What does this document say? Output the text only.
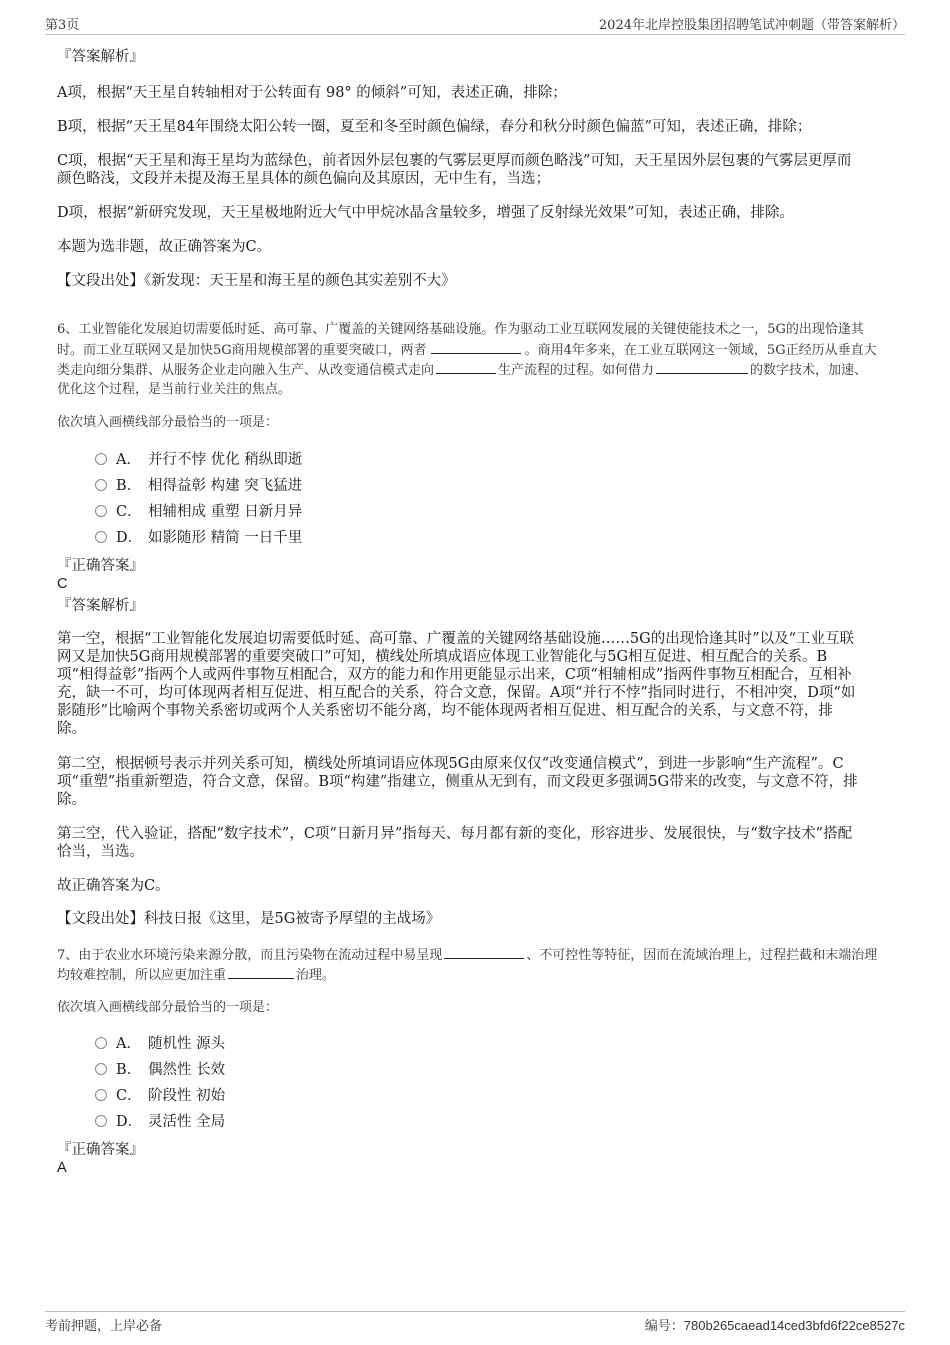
第3页	2024年北岸控股集团招聘笔试冲刺题（带答案解析）
『答案解析』
A项，根据“天王星自转轴相对于公转面有 98° 的倾斜”可知，表述正确，排除；
B项，根据“天王星84年围绕太阳公转一圈，夏至和冬至时颜色偏绿，春分和秋分时颜色偏蓝”可知，表述正确，排除；
C项，根据“天王星和海王星均为蓝绿色，前者因外层包裹的气雾层更厚而颜色略浅”可知，天王星因外层包裹的气雾层更厚而
颜色略浅，文段并未提及海王星具体的颜色偏向及其原因，无中生有，当选；
D项，根据“新研究发现，天王星极地附近大气中甲烷冰晶含量较多，增强了反射绿光效果”可知，表述正确，排除。
本题为选非题，故正确答案为C。
【文段出处】《新发现：天王星和海王星的颜色其实差别不大》
6、工业智能化发展迫切需要低时延、高可靠、广覆盖的关键网络基础设施。作为驱动工业互联网发展的关键使能技术之一，5G的出现恰逢其
时。而工业互联网又是加快5G商用规模部署的重要突破口，两者	。商用4年多来，在工业互联网这一领域，5G正经历从垂直大
类走向细分集群、从服务企业走向融入生产、从改变通信模式走向	生产流程的过程。如何借力	的数字技术，加速、
优化这个过程，是当前行业关注的焦点。
依次填入画横线部分最恰当的一项是：
A． 并行不悖 优化 稍纵即逝
B． 相得益彰 构建 突飞猛进
C． 相辅相成 重塑 日新月异
D． 如影随形 精简 一日千里
『正确答案』
C
『答案解析』
第一空，根据“工业智能化发展迫切需要低时延、高可靠、广覆盖的关键网络基础设施……5G的出现恰逢其时”以及“工业互联
网又是加快5G商用规模部署的重要突破口”可知，横线处所填成语应体现工业智能化与5G相互促进、相互配合的关系。B
项“相得益彰”指两个人或两件事物互相配合，双方的能力和作用更能显示出来，C项“相辅相成”指两件事物互相配合，互相补
充，缺一不可，均可体现两者相互促进、相互配合的关系，符合文意，保留。A项“并行不悖”指同时进行，不相冲突，D项“如
影随形”比喻两个事物关系密切或两个人关系密切不能分离，均不能体现两者相互促进、相互配合的关系，与文意不符，排
除。
第二空，根据顿号表示并列关系可知，横线处所填词语应体现5G由原来仅仅“改变通信模式”，到进一步影响“生产流程”。C
项“重塑”指重新塑造，符合文意，保留。B项“构建”指建立，侧重从无到有，而文段更多强调5G带来的改变，与文意不符，排
除。
第三空，代入验证，搭配“数字技术”，C项“日新月异”指每天、每月都有新的变化，形容进步、发展很快，与“数字技术”搭配
恰当，当选。
故正确答案为C。
【文段出处】科技日报《这里，是5G被寄予厚望的主战场》
7、由于农业水环境污染来源分散，而且污染物在流动过程中易呈现	、不可控性等特征，因而在流域治理上，过程拦截和末端治理
均较难控制，所以应更加注重	治理。
依次填入画横线部分最恰当的一项是：
A． 随机性 源头
B． 偶然性 长效
C． 阶段性 初始
D． 灵活性 全局
『正确答案』
A
考前押题，上岸必备	编号：780b265caead14ced3bfd6f22ce8527c
